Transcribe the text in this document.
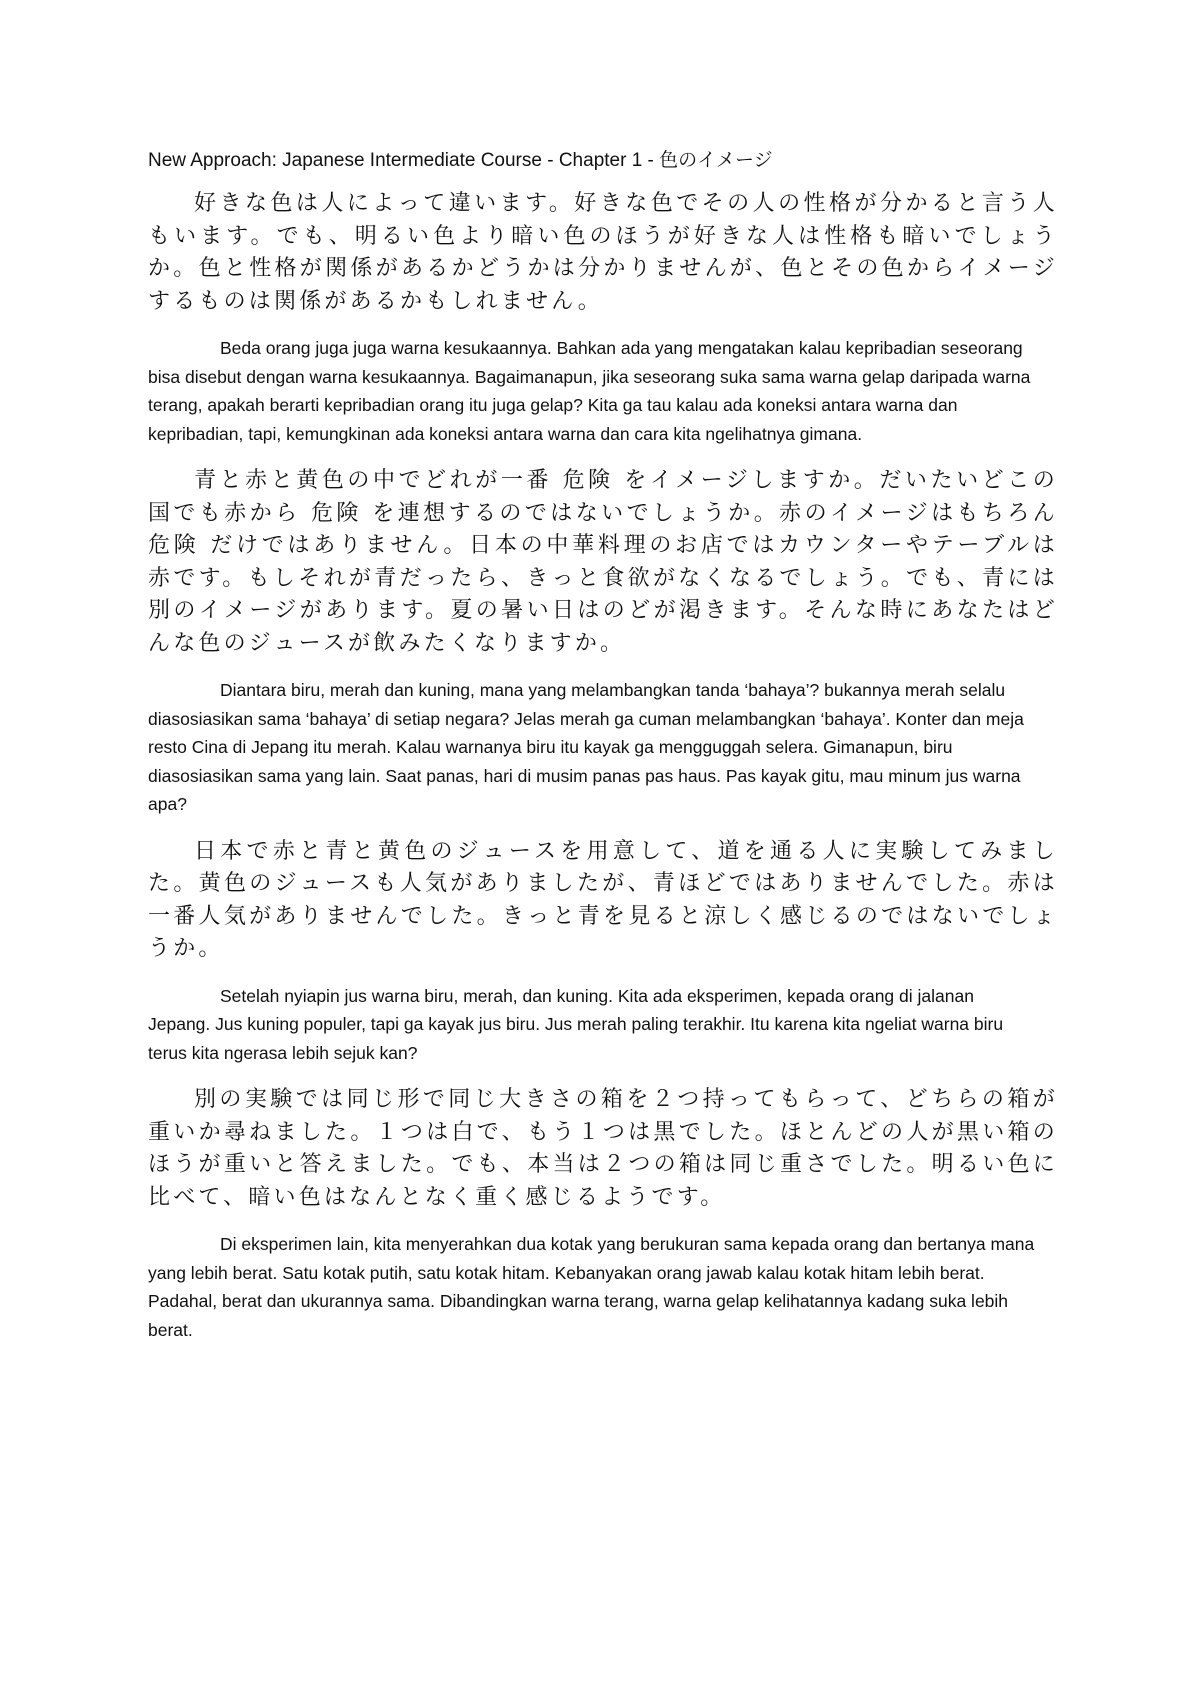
New Approach: Japanese Intermediate Course - Chapter 1 - 色のイメージ

好きな色は人によって違います。好きな色でその人の性格が分かると言う人もいます。でも、明るい色より暗い色のほうが好きな人は性格も暗いでしょうか。色と性格が関係があるかどうかは分かりませんが、色とその色からイメージするものは関係があるかもしれません。

Beda orang juga juga warna kesukaannya. Bahkan ada yang mengatakan kalau kepribadian seseorang bisa disebut dengan warna kesukaannya. Bagaimanapun, jika seseorang suka sama warna gelap daripada warna terang, apakah berarti kepribadian orang itu juga gelap? Kita ga tau kalau ada koneksi antara warna dan kepribadian, tapi, kemungkinan ada koneksi antara warna dan cara kita ngelihatnya gimana.

青と赤と黄色の中でどれが一番 危険 をイメージしますか。だいたいどこの国でも赤から 危険 を連想するのではないでしょうか。赤のイメージはもちろん 危険 だけではありません。日本の中華料理のお店ではカウンターやテーブルは赤です。もしそれが青だったら、きっと食欲がなくなるでしょう。でも、青には別のイメージがあります。夏の暑い日はのどが渇きます。そんな時にあなたはどんな色のジュースが飲みたくなりますか。

Diantara biru, merah dan kuning, mana yang melambangkan tanda ‘bahaya’? bukannya merah selalu diasosiasikan sama ‘bahaya’ di setiap negara? Jelas merah ga cuman melambangkan ‘bahaya’. Konter dan meja resto Cina di Jepang itu merah. Kalau warnanya biru itu kayak ga mengguggah selera. Gimanapun, biru diasosiasikan sama yang lain. Saat panas, hari di musim panas pas haus. Pas kayak gitu, mau minum jus warna apa?

日本で赤と青と黄色のジュースを用意して、道を通る人に実験してみました。黄色のジュースも人気がありましたが、青ほどではありませんでした。赤は一番人気がありませんでした。きっと青を見ると涼しく感じるのではないでしょうか。

Setelah nyiapin jus warna biru, merah, dan kuning. Kita ada eksperimen, kepada orang di jalanan Jepang. Jus kuning populer, tapi ga kayak jus biru. Jus merah paling terakhir. Itu karena kita ngeliat warna biru terus kita ngerasa lebih sejuk kan?

別の実験では同じ形で同じ大きさの箱を２つ持ってもらって、どちらの箱が重いか尋ねました。１つは白で、もう１つは黒でした。ほとんどの人が黒い箱のほうが重いと答えました。でも、本当は２つの箱は同じ重さでした。明るい色に比べて、暗い色はなんとなく重く感じるようです。

Di eksperimen lain, kita menyerahkan dua kotak yang berukuran sama kepada orang dan bertanya mana yang lebih berat. Satu kotak putih, satu kotak hitam. Kebanyakan orang jawab kalau kotak hitam lebih berat. Padahal, berat dan ukurannya sama. Dibandingkan warna terang, warna gelap kelihatannya kadang suka lebih berat.
